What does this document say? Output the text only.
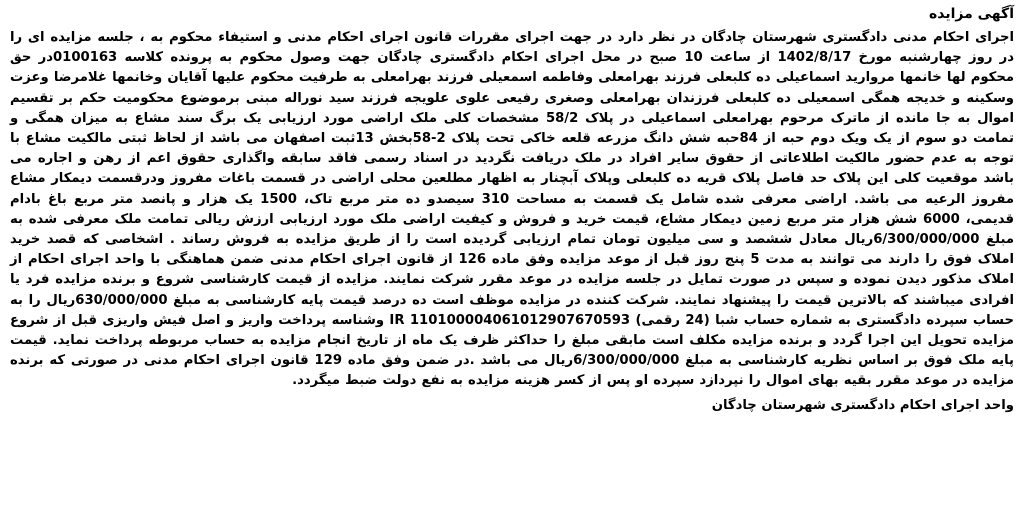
آگهی مزایده

اجرای احکام مدنی دادگستری شهرستان چادگان در نظر دارد در جهت اجرای مقررات قانون اجرای احکام مدنی و استیفاء محکوم به ، جلسه مزایده ای را در روز چهارشنبه مورخ 1402/8/17 از ساعت 10 صبح در محل اجرای احکام دادگستری چادگان جهت وصول محکوم به پرونده کلاسه 0100163در حق محکوم لها خانمها مروارید اسماعیلی ده کلبعلی فرزند بهرامعلی وفاطمه اسمعیلی فرزند بهرامعلی به طرفیت محکوم علیها آقایان وخانمها غلامرضا وعزت وسکینه و خدیجه همگی اسمعیلی ده کلبعلی فرزندان بهرامعلی وصغری رفیعی علوی علویجه فرزند سید نوراله مبنی برموضوع محکومیت حکم بر تقسیم اموال به جا مانده از ماترک مرحوم بهرامعلی اسماعیلی در پلاک 58/2 مشخصات کلی ملک اراضی مورد ارزیابی یک برگ سند مشاع به میزان همگی و تمامت دو سوم از یک ویک دوم حبه از 84حبه شش دانگ مزرعه قلعه خاکی تحت پلاک 2-58بخش 13ثبت اصفهان می باشد از لحاظ ثبتی مالکیت مشاع با توجه به عدم حضور مالکیت اطلاعاتی از حقوق سایر افراد در ملک دریافت نگردید در اسناد رسمی فاقد سابقه واگذاری حقوق اعم از رهن و اجاره می باشد موقعیت کلی این پلاک حد فاصل پلاک قریه ده کلبعلی وپلاک آبچنار به اظهار مطلعین محلی اراضی در قسمت باغات مفروز ودرقسمت دیمکار مشاع مفروز الرعیه می باشد. اراضی معرفی شده شامل یک قسمت به مساحت 310 سیصدو ده متر مربع تاک، 1500 یک هزار و پانصد متر مربع باغ بادام قدیمی، 6000 شش هزار متر مربع زمین دیمکار مشاع، قیمت خرید و فروش و کیفیت اراضی ملک مورد ارزیابی ارزش ریالی تمامت ملک معرفی شده به مبلغ 6/300/000/000ریال معادل ششصد و سی میلیون تومان تمام ارزیابی گردیده است را از طریق مزایده به فروش رساند . اشخاصی که قصد خرید املاک فوق را دارند می توانند به مدت 5 پنج روز قبل از موعد مزایده وفق ماده 126 از قانون اجرای احکام مدنی ضمن هماهنگی با واحد اجرای احکام از املاک مذکور دیدن نموده و سپس در صورت تمایل در جلسه مزایده در موعد مقرر شرکت نمایند. مزایده از قیمت کارشناسی شروع و برنده مزایده فرد یا افرادی میباشند که بالاترین قیمت را پیشنهاد نمایند. شرکت کننده در مزایده موظف است ده درصد قیمت پایه کارشناسی به مبلغ 630/000/000ریال را به حساب سپرده دادگستری به شماره حساب شبا (24 رقمی) 110100004061012907670593 IR وشناسه پرداخت واریز و اصل فیش واریزی قبل از شروع مزایده تحویل این اجرا گردد و برنده مزایده مکلف است مابقی مبلغ را حداکثر ظرف یک ماه از تاریخ انجام مزایده به حساب مربوطه پرداخت نماید. قیمت پایه ملک فوق بر اساس نظریه کارشناسی به مبلغ 6/300/000/000ریال می باشد .در ضمن وفق ماده 129 قانون اجرای احکام مدنی در صورتی که برنده مزایده در موعد مقرر بقیه بهای اموال را نپردازد سپرده او پس از کسر هزینه مزایده به نفع دولت ضبط میگردد.

واحد اجرای احکام دادگستری شهرستان چادگان
